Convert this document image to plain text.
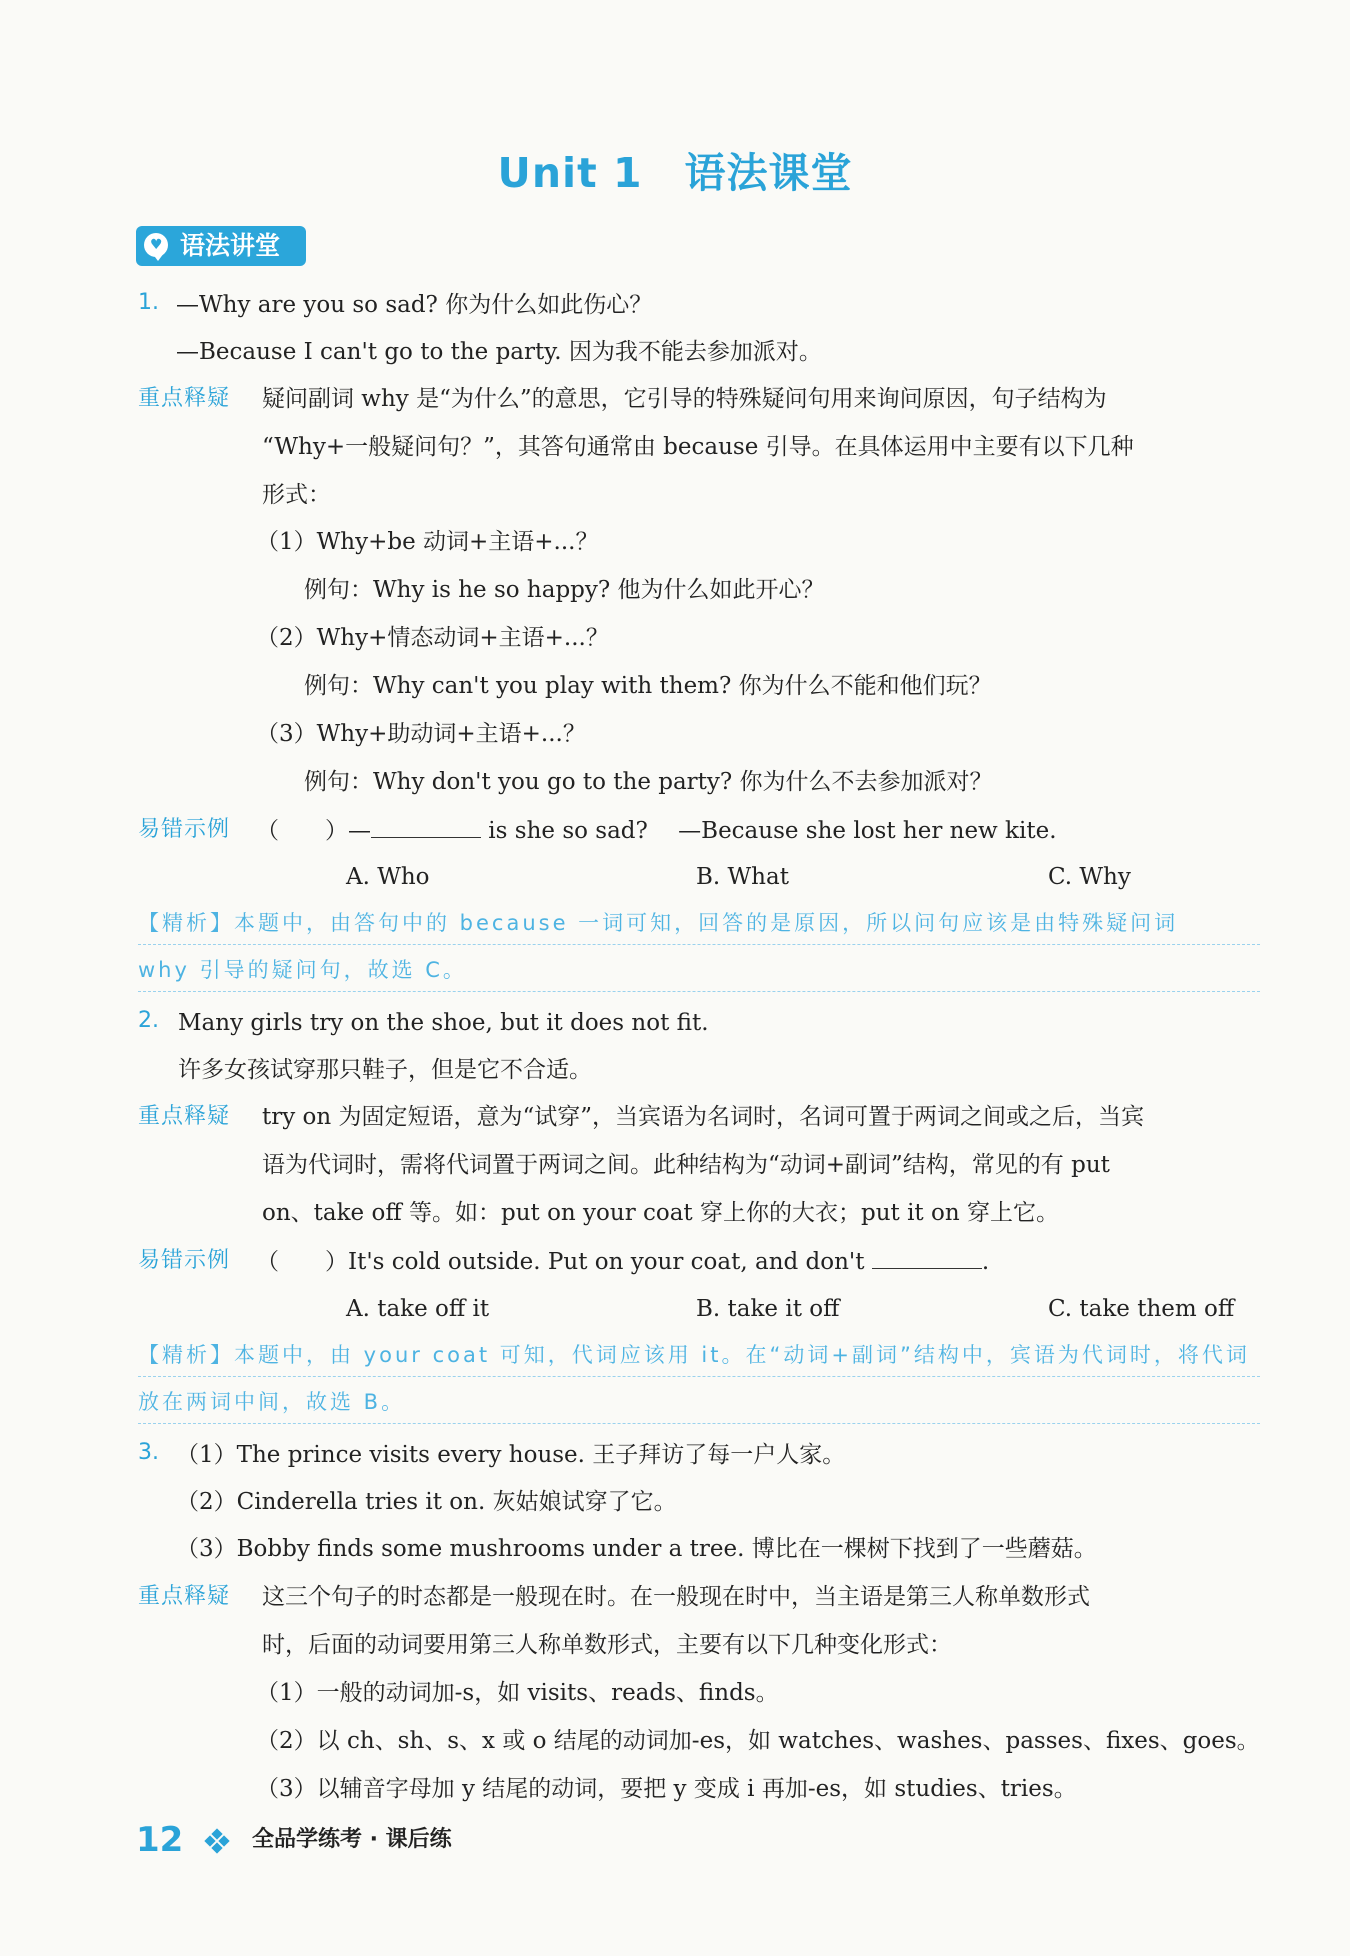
Unit 1 语法课堂
♥ 语法讲堂
1. —Why are you so sad? 你为什么如此伤心？
—Because I can't go to the party. 因为我不能去参加派对。
重点释疑 疑问副词 why 是“为什么”的意思，它引导的特殊疑问句用来询问原因，句子结构为
“Why+一般疑问句？”，其答句通常由 because 引导。在具体运用中主要有以下几种
形式：
（1）Why+be 动词+主语+...？
例句：Why is he so happy? 他为什么如此开心？
（2）Why+情态动词+主语+...？
例句：Why can't you play with them? 你为什么不能和他们玩？
（3）Why+助动词+主语+...？
例句：Why don't you go to the party? 你为什么不去参加派对？
易错示例 （　　）—	is she so sad?　 —Because she lost her new kite.
A. Who	B. What	C. Why
【精析】本题中，由答句中的 because 一词可知，回答的是原因，所以问句应该是由特殊疑问词
why 引导的疑问句，故选 C。
2. Many girls try on the shoe, but it does not fit.
许多女孩试穿那只鞋子，但是它不合适。
重点释疑 try on 为固定短语，意为“试穿”，当宾语为名词时，名词可置于两词之间或之后，当宾
语为代词时，需将代词置于两词之间。此种结构为“动词+副词”结构，常见的有 put
on、take off 等。如：put on your coat 穿上你的大衣；put it on 穿上它。
易错示例 （　　）It's cold outside. Put on your coat, and don't	.
A. take off it	B. take it off	C. take them off
【精析】本题中，由 your coat 可知，代词应该用 it。在“动词+副词”结构中，宾语为代词时，将代词
放在两词中间，故选 B。
3. （1）The prince visits every house. 王子拜访了每一户人家。
（2）Cinderella tries it on. 灰姑娘试穿了它。
（3）Bobby finds some mushrooms under a tree. 博比在一棵树下找到了一些蘑菇。
重点释疑 这三个句子的时态都是一般现在时。在一般现在时中，当主语是第三人称单数形式
时，后面的动词要用第三人称单数形式，主要有以下几种变化形式：
（1）一般的动词加-s，如 visits、reads、finds。
（2）以 ch、sh、s、x 或 o 结尾的动词加-es，如 watches、washes、passes、fixes、goes。
（3）以辅音字母加 y 结尾的动词，要把 y 变成 i 再加-es，如 studies、tries。
12	全品学练考 · 课后练
